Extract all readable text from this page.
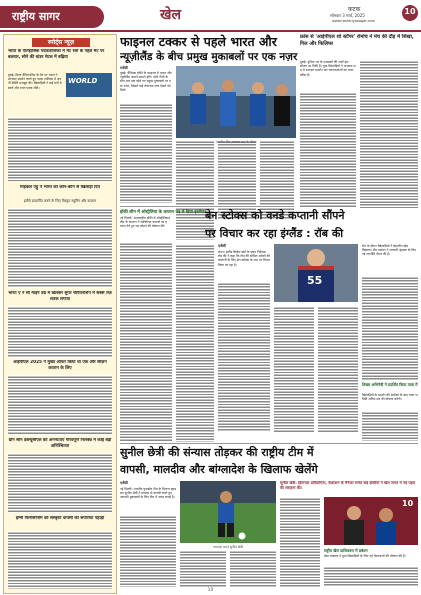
राष्ट्रीय सागर	खेल	कटक
सोमवार 3 मार्च, 2025
www.rashtriyasagar.com
10
स्पोर्ट्स न्यूज़
भारत के ऐतिहासिक पदकतालिका में मैट रेली के पहले मैट पर बलवार, सोने की थांडर मेटल में बढ़िया
WORLD
मुंबई। विश्व चैंपियनशिप के मैट पर भारत ने शानदार प्रदर्शन करते हुए पदक तालिका में अपनी स्थिति मजबूत की। खिलाड़ियों ने कई वर्गों में स्वर्ण और रजत पदक जीते।
माइकल एंड्रू ने भारत को कौन-कौन से खिलाड़ी दिए
इमीवे प्रत्यार्पित करने के लिए विस्तृत ट्यूनिंग और कप्तान
भारत ए ने सी माइने उम्र में खेलकर सुपर चैंपियनशिप में सबसे तेज़ शतक लगाया
आईपीएल 2025 ने मुख्य ऑफर किया था एक और सीज़न कप्तान के लिए
ग्रीन सीन डब्ल्यूसीएल की अनन्यताएं गौरवपूर्ण निलंबन्न में कोई बड़ी अनिश्चितता
हम्मी फिनीसीनीम को संस्कृति वापसी की संपत्तियां पहाड़ी
फाइनल टक्कर से पहले भारत और
न्यूज़ीलैंड के बीच प्रमुख मुकाबलों पर एक नज़र
एजेंसी
दुबई। चैंपियंस ट्रॉफी के फाइनल में भारत और न्यूज़ीलैंड आमने-सामने होंगे। दोनों टीमों के बीच अब तक खेले गए प्रमुख मुकाबलों पर एक नज़र, जिसमें कई रोमांचक क्षण देखने को मिले।
भारतीय टीम अभ्यास सत्र के दौरान
हॉकी लीग में ऑस्ट्रेलिया के कप्तान पद में दिया इस्तीफा
नई दिल्ली। अंतरराष्ट्रीय हॉकी में ऑस्ट्रेलियाई टीम के कप्तान ने व्यक्तिगत कारणों का हवाला देते हुए पद छोड़ने की घोषणा की।
फ्रांस से 'आईपीएल शो स्टॉपर' रोमांच ने मंच की दौड़ में शिखा, गिल और फिलिप्स
मुंबई। दुनिया भर के प्रशंसकों की नज़रें इस सीज़न पर टिकी हैं। युवा खिलाड़ियों ने अभ्यास सत्र में शानदार प्रदर्शन कर चयनकर्ताओं का ध्यान खींचा है।
बेन स्टोक्स को वनडे कप्तानी सौंपने
पर विचार कर रहा इंग्लैंड : रॉब की
एजेंसी
लंदन। इंग्लैंड क्रिकेट बोर्ड के प्रबंध निदेशक रॉब की ने कहा कि टीम की सीमित ओवरों की कप्तानी के लिए बेन स्टोक्स के नाम पर विचार किया जा रहा है।
55
मैच के दौरान खिलाड़ियों ने बेहतरीन खेल दिखाया। टीम प्रबंधन ने आगामी श्रृंखला के लिए नई रणनीति तैयार की है।
शिखर अभिनेत्री ने प्रदर्शित किया यात्रा में
खिलाड़ियों के प्रदर्शन की समीक्षा के बाद चयन समिति अंतिम दल की घोषणा करेगी।
सुनील छेत्री की संन्यास तोड़कर की राष्ट्रीय टीम में
वापसी, मालदीव और बांग्लादेश के खिलाफ खेलेंगे
एजेंसी
नई दिल्ली। भारतीय फुटबॉल टीम के दिग्गज स्ट्राइकर सुनील छेत्री ने संन्यास से वापसी करते हुए आगामी मुकाबलों के लिए टीम में जगह बनाई है।
अभ्यास करते सुनील छेत्री
सुनील छेत्री: हिमाचल प्रतियोगिता, फेडरेशन के मैनेजर समेत कई हस्तियों ने खेल जगत में नई पहल की सराहना की।
10
राष्ट्रीय खेल प्राधिकरण में प्रबंधन
खेल मंत्रालय ने युवा खिलाड़ियों के लिए नई योजनाओं की घोषणा की है।
10
